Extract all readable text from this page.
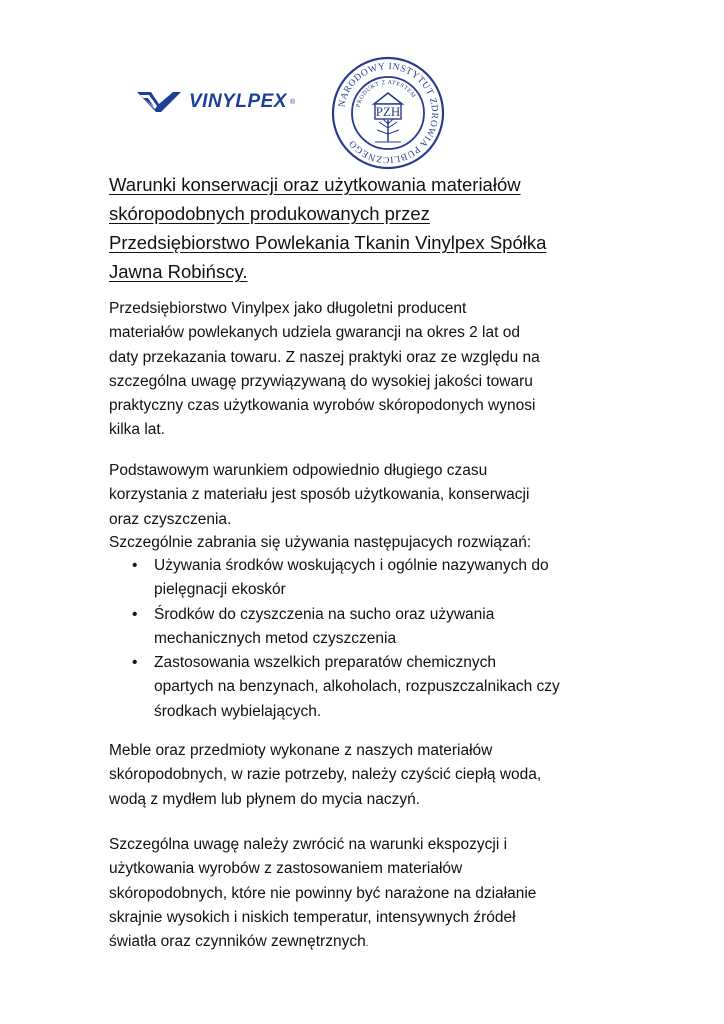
VINYLPEX ®	NARODOWY INSTYTUT ZDROWIA PUBLICZNEGO
PRODUKT Z ATESTEM
PZH
Warunki konserwacji oraz użytkowania materiałów
skóropodobnych produkowanych przez
Przedsiębiorstwo Powlekania Tkanin Vinylpex Spółka
Jawna Robińscy.

Przedsiębiorstwo Vinylpex jako długoletni producent
materiałów powlekanych udziela gwarancji na okres 2 lat od
daty przekazania towaru. Z naszej praktyki oraz ze względu na
szczególna uwagę przywiązywaną do wysokiej jakości towaru
praktyczny czas użytkowania wyrobów skóropodonych wynosi
kilka lat.

Podstawowym warunkiem odpowiednio długiego czasu
korzystania z materiału jest sposób użytkowania, konserwacji
oraz czyszczenia.

Szczególnie zabrania się używania następujacych rozwiązań:

• Używania środków woskujących i ogólnie nazywanych do
pielęgnacji ekoskór
• Środków do czyszczenia na sucho oraz używania
mechanicznych metod czyszczenia
• Zastosowania wszelkich preparatów chemicznych
opartych na benzynach, alkoholach, rozpuszczalnikach czy
środkach wybielających.

Meble oraz przedmioty wykonane z naszych materiałów
skóropodobnych, w razie potrzeby, należy czyścić ciepłą woda,
wodą z mydłem lub płynem do mycia naczyń.

Szczególna uwagę należy zwrócić na warunki ekspozycji i
użytkowania wyrobów z zastosowaniem materiałów
skóropodobnych, które nie powinny być narażone na działanie
skrajnie wysokich i niskich temperatur, intensywnych źródeł
światła oraz czynników zewnętrznych.
